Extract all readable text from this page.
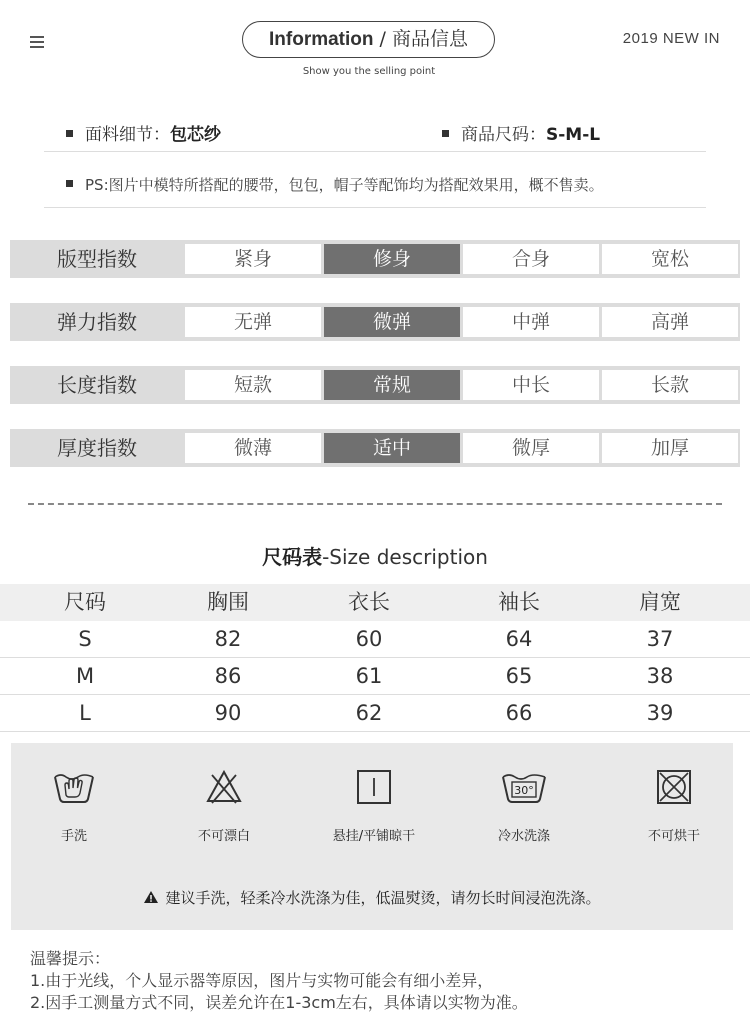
Information / 商品信息
Show you the selling point
2019 NEW IN
面料细节：包芯纱	商品尺码：S-M-L
PS:图片中模特所搭配的腰带，包包，帽子等配饰均为搭配效果用，概不售卖。
版型指数	紧身	修身	合身	宽松
弹力指数	无弹	微弹	中弹	高弹
长度指数	短款	常规	中长	长款
厚度指数	微薄	适中	微厚	加厚
尺码表-Size description
尺码	胸围	衣长	袖长	肩宽
S	82	60	64	37
M	86	61	65	38
L	90	62	66	39
手洗	不可漂白	悬挂/平铺晾干
30°
冷水洗涤	不可烘干
建议手洗，轻柔冷水洗涤为佳，低温熨烫，请勿长时间浸泡洗涤。
温馨提示：
1.由于光线，个人显示器等原因，图片与实物可能会有细小差异，
2.因手工测量方式不同，误差允许在1-3cm左右，具体请以实物为准。
